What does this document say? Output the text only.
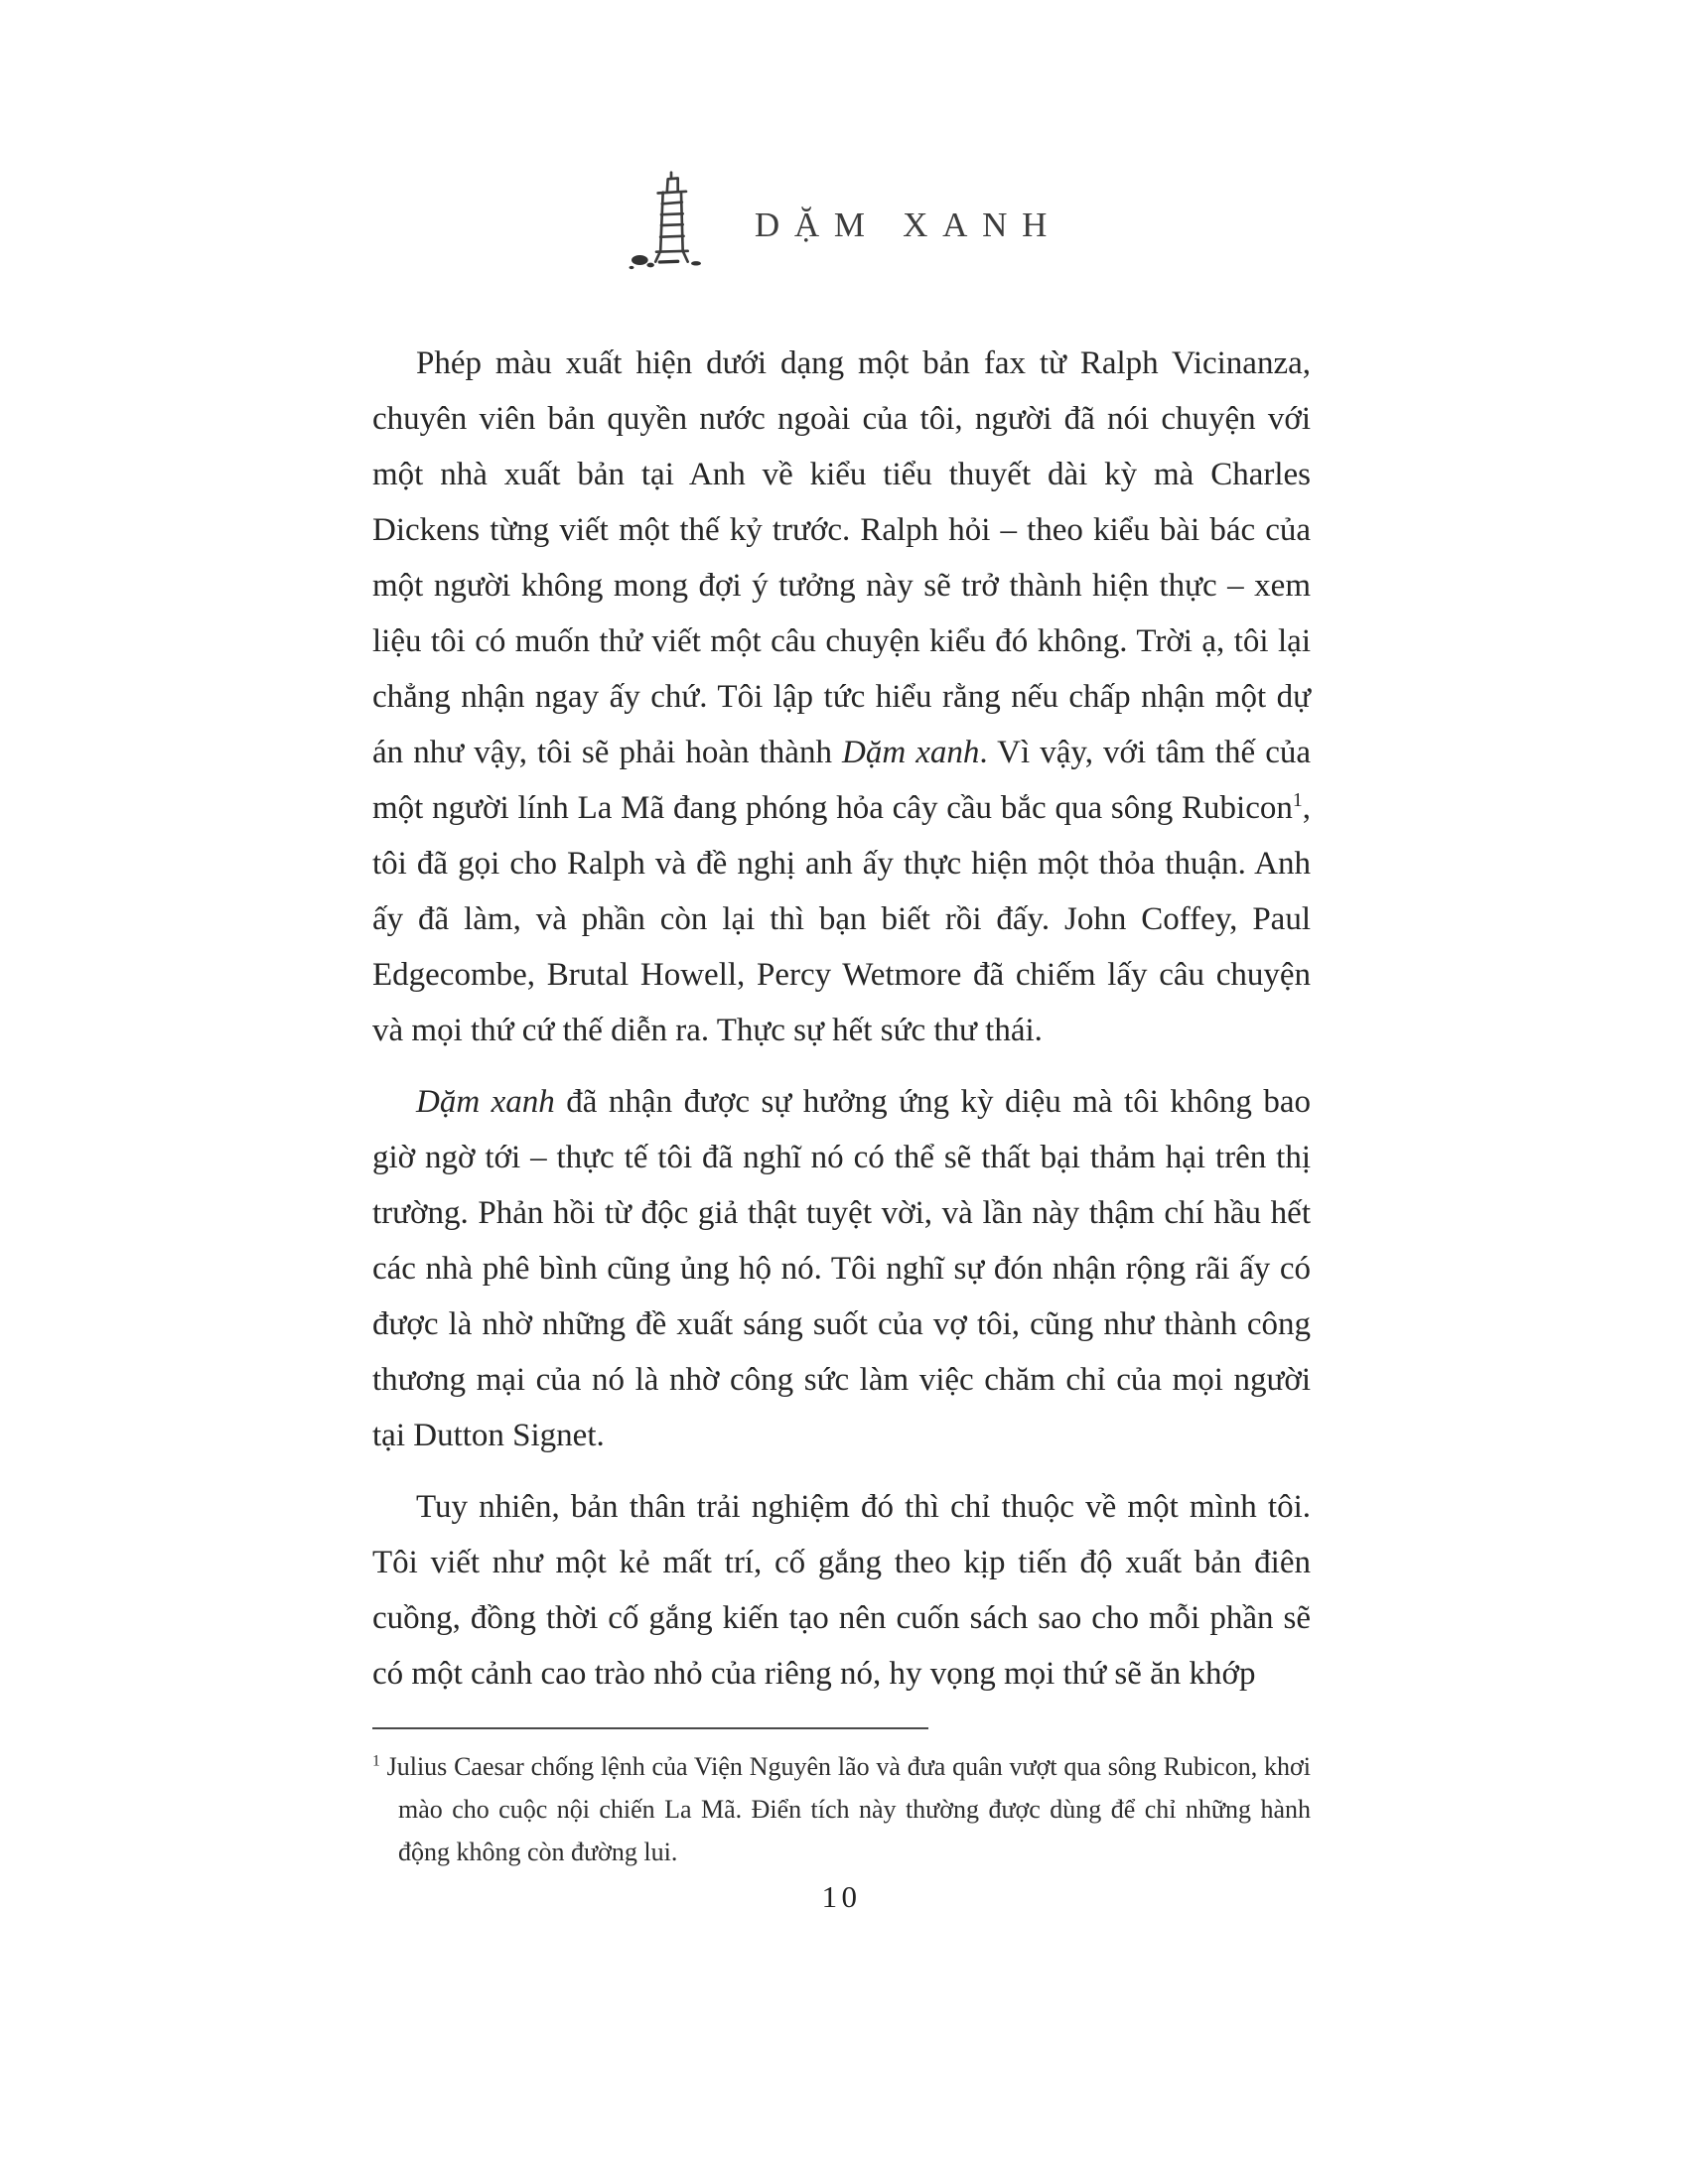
DẶM XANH

Phép màu xuất hiện dưới dạng một bản fax từ Ralph Vicinanza, chuyên viên bản quyền nước ngoài của tôi, người đã nói chuyện với một nhà xuất bản tại Anh về kiểu tiểu thuyết dài kỳ mà Charles Dickens từng viết một thế kỷ trước. Ralph hỏi – theo kiểu bài bác của một người không mong đợi ý tưởng này sẽ trở thành hiện thực – xem liệu tôi có muốn thử viết một câu chuyện kiểu đó không. Trời ạ, tôi lại chẳng nhận ngay ấy chứ. Tôi lập tức hiểu rằng nếu chấp nhận một dự án như vậy, tôi sẽ phải hoàn thành Dặm xanh. Vì vậy, với tâm thế của một người lính La Mã đang phóng hỏa cây cầu bắc qua sông Rubicon$^1$, tôi đã gọi cho Ralph và đề nghị anh ấy thực hiện một thỏa thuận. Anh ấy đã làm, và phần còn lại thì bạn biết rồi đấy. John Coffey, Paul Edgecombe, Brutal Howell, Percy Wetmore đã chiếm lấy câu chuyện và mọi thứ cứ thế diễn ra. Thực sự hết sức thư thái.

Dặm xanh đã nhận được sự hưởng ứng kỳ diệu mà tôi không bao giờ ngờ tới – thực tế tôi đã nghĩ nó có thể sẽ thất bại thảm hại trên thị trường. Phản hồi từ độc giả thật tuyệt vời, và lần này thậm chí hầu hết các nhà phê bình cũng ủng hộ nó. Tôi nghĩ sự đón nhận rộng rãi ấy có được là nhờ những đề xuất sáng suốt của vợ tôi, cũng như thành công thương mại của nó là nhờ công sức làm việc chăm chỉ của mọi người tại Dutton Signet.

Tuy nhiên, bản thân trải nghiệm đó thì chỉ thuộc về một mình tôi. Tôi viết như một kẻ mất trí, cố gắng theo kịp tiến độ xuất bản điên cuồng, đồng thời cố gắng kiến tạo nên cuốn sách sao cho mỗi phần sẽ có một cảnh cao trào nhỏ của riêng nó, hy vọng mọi thứ sẽ ăn khớp

$^1$ Julius Caesar chống lệnh của Viện Nguyên lão và đưa quân vượt qua sông Rubicon, khơi mào cho cuộc nội chiến La Mã. Điển tích này thường được dùng để chỉ những hành động không còn đường lui.

10
